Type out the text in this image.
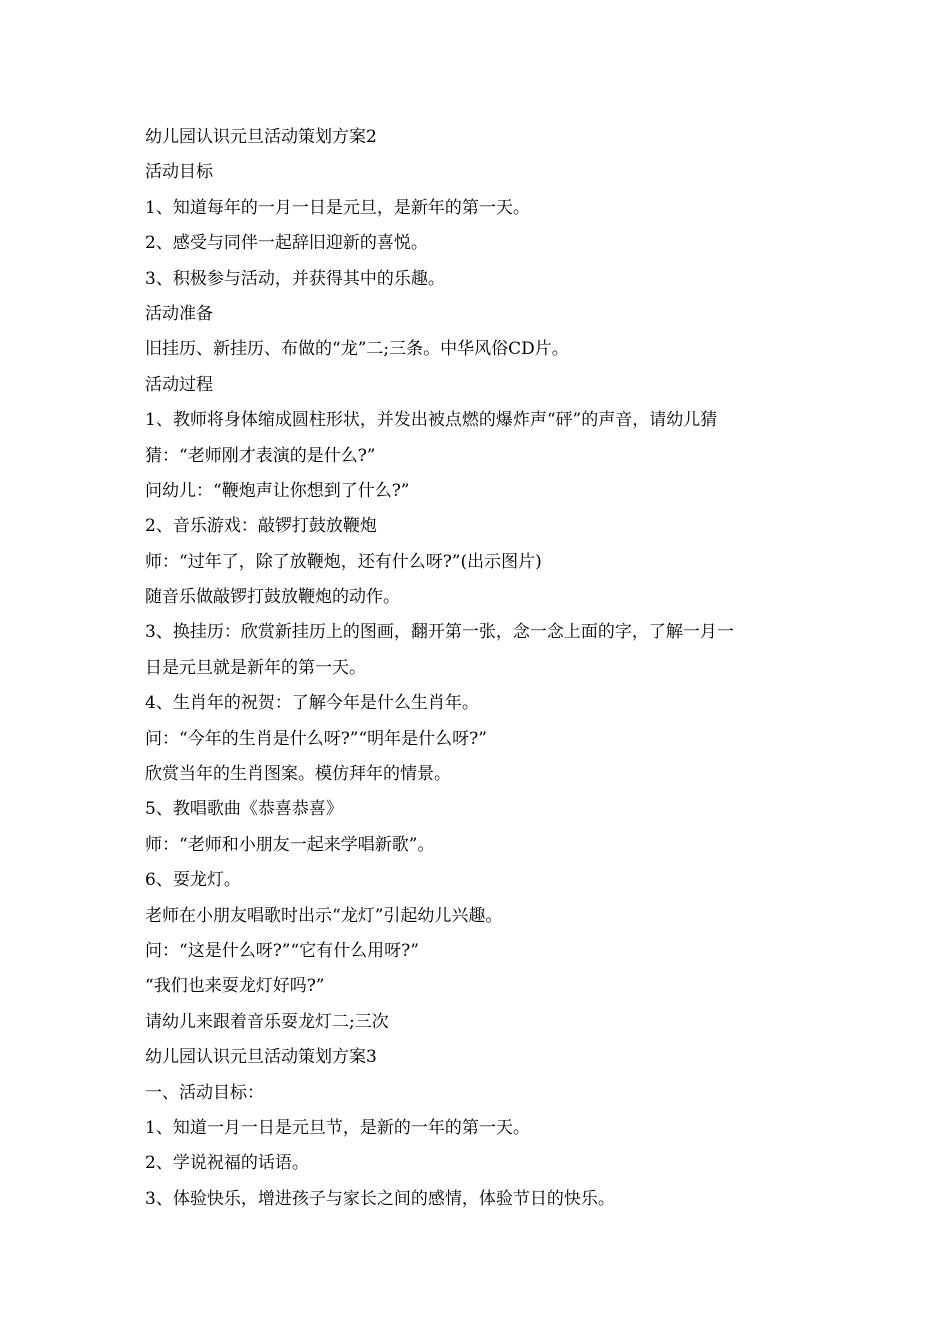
幼儿园认识元旦活动策划方案2
活动目标
1、知道每年的一月一日是元旦，是新年的第一天。
2、感受与同伴一起辞旧迎新的喜悦。
3、积极参与活动，并获得其中的乐趣。
活动准备
旧挂历、新挂历、布做的“龙”二;三条。中华风俗CD片。
活动过程
1、教师将身体缩成圆柱形状，并发出被点燃的爆炸声“砰”的声音，请幼儿猜
猜：“老师刚才表演的是什么?”
问幼儿：“鞭炮声让你想到了什么?”
2、音乐游戏：敲锣打鼓放鞭炮
师：“过年了，除了放鞭炮，还有什么呀?”(出示图片)
随音乐做敲锣打鼓放鞭炮的动作。
3、换挂历：欣赏新挂历上的图画，翻开第一张，念一念上面的字，了解一月一
日是元旦就是新年的第一天。
4、生肖年的祝贺：了解今年是什么生肖年。
问：“今年的生肖是什么呀?”“明年是什么呀?”
欣赏当年的生肖图案。模仿拜年的情景。
5、教唱歌曲《恭喜恭喜》
师：“老师和小朋友一起来学唱新歌”。
6、耍龙灯。
老师在小朋友唱歌时出示“龙灯”引起幼儿兴趣。
问：“这是什么呀?”“它有什么用呀?”
“我们也来耍龙灯好吗?”
请幼儿来跟着音乐耍龙灯二;三次
幼儿园认识元旦活动策划方案3
一、活动目标：
1、知道一月一日是元旦节，是新的一年的第一天。
2、学说祝福的话语。
3、体验快乐，增进孩子与家长之间的感情，体验节日的快乐。
